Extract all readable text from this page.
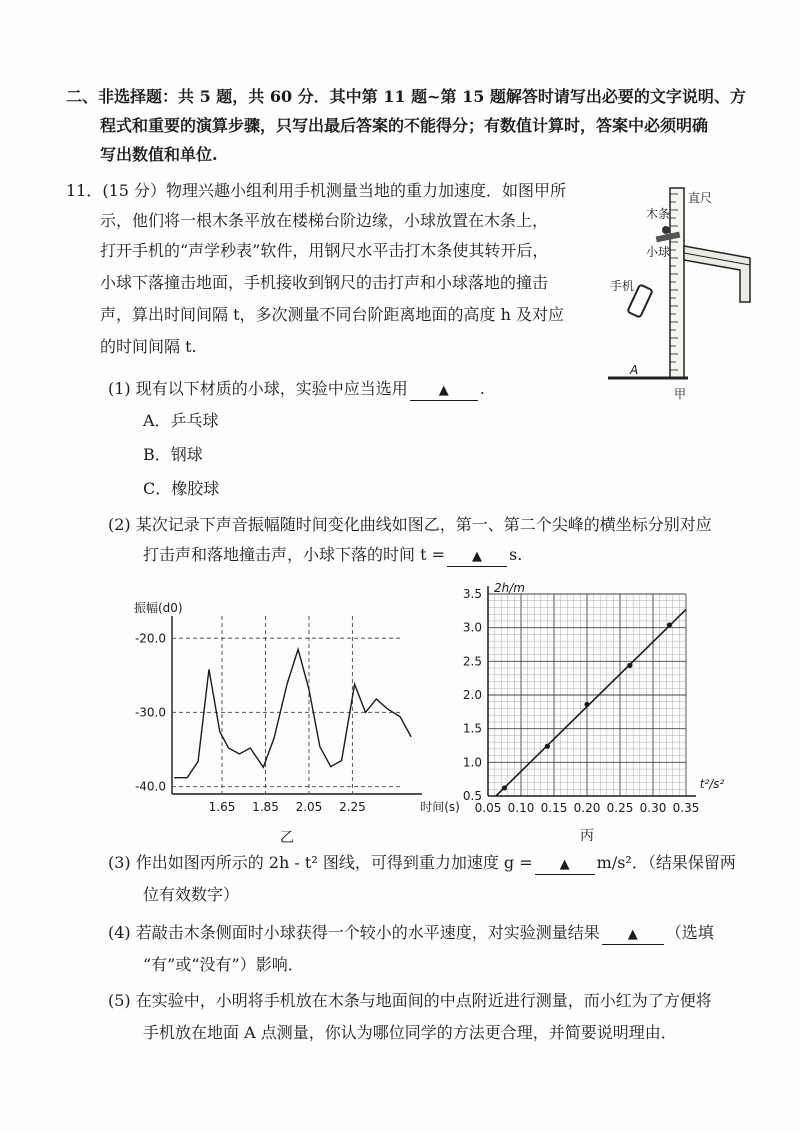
二、非选择题：共 5 题，共 60 分．其中第 11 题~第 15 题解答时请写出必要的文字说明、方
程式和重要的演算步骤，只写出最后答案的不能得分；有数值计算时，答案中必须明确
写出数值和单位.
11．(15 分）物理兴趣小组利用手机测量当地的重力加速度．如图甲所
示，他们将一根木条平放在楼梯台阶边缘，小球放置在木条上，
打开手机的“声学秒表”软件，用钢尺水平击打木条使其转开后，
小球下落撞击地面，手机接收到钢尺的击打声和小球落地的撞击
声，算出时间间隔 t，多次测量不同台阶距离地面的高度 h 及对应
的时间间隔 t.
直尺
木条
小球
手机
A
甲
(1) 现有以下材质的小球，实验中应当选用 ▲ .
A．乒乓球
B．钢球
C．橡胶球
(2) 某次记录下声音振幅随时间变化曲线如图乙，第一、第二个尖峰的横坐标分别对应
打击声和落地撞击声，小球下落的时间 t = ▲ s.
-20.0
-30.0
-40.0
1.65 1.85 2.05 2.25
振幅(d0)
时间(s)
乙
0.5
1.0
1.5
2.0
2.5
3.0
3.5
0.05 0.10 0.15 0.20 0.25 0.30 0.35
2h/m
t²/s²
丙
(3) 作出如图丙所示的 2h - t² 图线，可得到重力加速度 g = ▲ m/s²．（结果保留两
位有效数字）
(4) 若敲击木条侧面时小球获得一个较小的水平速度，对实验测量结果 ▲ （选填
“有”或“没有”）影响．
(5) 在实验中，小明将手机放在木条与地面间的中点附近进行测量，而小红为了方便将
手机放在地面 A 点测量，你认为哪位同学的方法更合理，并简要说明理由．
